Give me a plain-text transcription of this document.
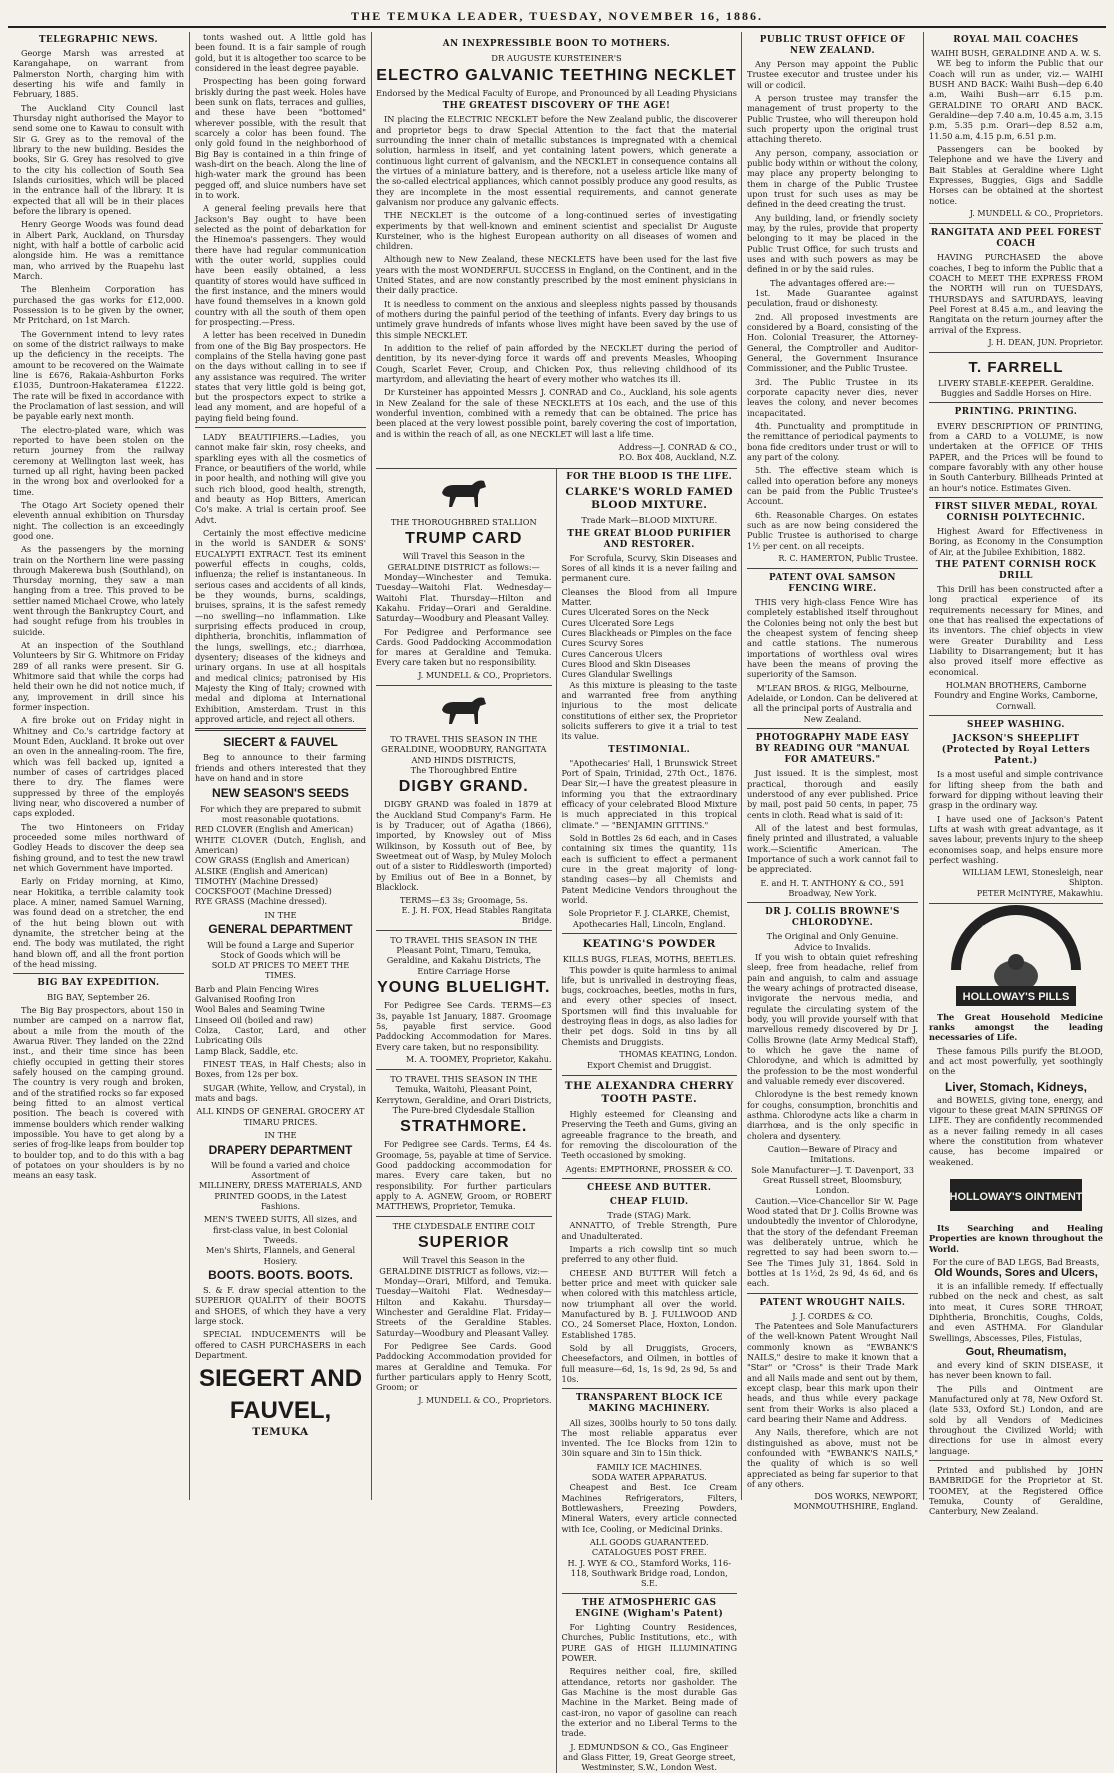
THE TEMUKA LEADER, TUESDAY, NOVEMBER 16, 1886.
TELEGRAPHIC NEWS.

George Marsh was arrested at Karangahape, on warrant from Palmerston North, charging him with deserting his wife and family in February, 1885.

The Auckland City Council last Thursday night authorised the Mayor to send some one to Kawau to consult with Sir G. Grey as to the removal of the library to the new building. Besides the books, Sir G. Grey has resolved to give to the city his collection of South Sea Islands curiosities, which will be placed in the entrance hall of the library. It is expected that all will be in their places before the library is opened.

Henry George Woods was found dead in Albert Park, Auckland, on Thursday night, with half a bottle of carbolic acid alongside him. He was a remittance man, who arrived by the Ruapehu last March.

The Blenheim Corporation has purchased the gas works for £12,000. Possession is to be given by the owner, Mr Pritchard, on 1st March.

The Government intend to levy rates on some of the district railways to make up the deficiency in the receipts. The amount to be recovered on the Waimate line is £676, Rakaia-Ashburton Forks £1035, Duntroon-Hakateramea £1222. The rate will be fixed in accordance with the Proclamation of last session, and will be payable early next month.

The electro-plated ware, which was reported to have been stolen on the return journey from the railway ceremony at Wellington last week, has turned up all right, having been packed in the wrong box and overlooked for a time.

The Otago Art Society opened their eleventh annual exhibition on Thursday night. The collection is an exceedingly good one.

As the passengers by the morning train on the Northern line were passing through Makerewa bush (Southland), on Thursday morning, they saw a man hanging from a tree. This proved to be settler named Michael Crowe, who lately went through the Bankruptcy Court, and had sought refuge from his troubles in suicide.

At an inspection of the Southland Volunteers by Sir G. Whitmore on Friday 289 of all ranks were present. Sir G. Whitmore said that while the corps had held their own he did not notice much, if any, improvement in drill since his former inspection.

A fire broke out on Friday night in Whitney and Co.'s cartridge factory at Mount Eden, Auckland. It broke out over an oven in the annealing-room. The fire, which was fell backed up, ignited a number of cases of cartridges placed there to dry. The flames were suppressed by three of the employés living near, who discovered a number of caps exploded.

The two Hintoneers on Friday proceeded some miles northward of Godley Heads to discover the deep sea fishing ground, and to test the new trawl net which Government have imported.

Early on Friday morning, at Kimo, near Hokitika, a terrible calamity took place. A miner, named Samuel Warning, was found dead on a stretcher, the end of the hut being blown out with dynamite, the stretcher being at the end. The body was mutilated, the right hand blown off, and all the front portion of the head missing.

BIG BAY EXPEDITION.
BIG BAY, September 26.

The Big Bay prospectors, about 150 in number are camped on a narrow flat, about a mile from the mouth of the Awarua River. They landed on the 22nd inst., and their time since has been chiefly occupied in getting their stores safely housed on the camping ground. The country is very rough and broken, and of the stratified rocks so far exposed being fitted to an almost vertical position. The beach is covered with immense boulders which render walking impossible. You have to get along by a series of frog-like leaps from boulder top to boulder top, and to do this with a bag of potatoes on your shoulders is by no means an easy task.

tonts washed out. A little gold has been found. It is a fair sample of rough gold, but it is altogether too scarce to be considered in the least degree payable.

Prospecting has been going forward briskly during the past week. Holes have been sunk on flats, terraces and gullies, and these have been "bottomed" wherever possible, with the result that scarcely a color has been found. The only gold found in the neighborhood of Big Bay is contained in a thin fringe of wash-dirt on the beach. Along the line of high-water mark the ground has been pegged off, and sluice numbers have set in to work.

A general feeling prevails here that Jackson's Bay ought to have been selected as the point of debarkation for the Hinemoa's passengers. They would there have had regular communication with the outer world, supplies could have been easily obtained, a less quantity of stores would have sufficed in the first instance, and the miners would have found themselves in a known gold country with all the south of them open for prospecting.—Press.

A letter has been received in Dunedin from one of the Big Bay prospectors. He complains of the Stella having gone past on the days without calling in to see if any assistance was required. The writer states that very little gold is being got, but the prospectors expect to strike a lead any moment, and are hopeful of a paying field being found.

LADY BEAUTIFIERS.—Ladies, you cannot make fair skin, rosy cheeks, and sparkling eyes with all the cosmetics of France, or beautifiers of the world, while in poor health, and nothing will give you such rich blood, good health, strength, and beauty as Hop Bitters, American Co's make. A trial is certain proof. See Advt.

Certainly the most effective medicine in the world is SANDER & SONS' EUCALYPTI EXTRACT. Test its eminent powerful effects in coughs, colds, influenza; the relief is instantaneous. In serious cases and accidents of all kinds, be they wounds, burns, scaldings, bruises, sprains, it is the safest remedy—no swelling—no inflammation. Like surprising effects produced in croup, diphtheria, bronchitis, inflammation of the lungs, swellings, etc.; diarrhœa, dysentery; diseases of the kidneys and urinary organs. In use at all hospitals and medical clinics; patronised by His Majesty the King of Italy; crowned with medal and diploma at International Exhibition, Amsterdam. Trust in this approved article, and reject all others.

SIECERT & FAUVEL

Beg to announce to their farming friends and others interested that they have on hand and in store

NEW SEASON'S SEEDS
For which they are prepared to submit most reasonable quotations.
RED CLOVER (English and American)
WHITE CLOVER (Dutch, English, and American)
COW GRASS (English and American)
ALSIKE (English and American)
TIMOTHY (Machine Dressed)
COCKSFOOT (Machine Dressed)
RYE GRASS (Machine dressed).
IN THE
GENERAL DEPARTMENT
Will be found a Large and Superior Stock of Goods which will be
SOLD AT PRICES TO MEET THE TIMES.
Barb and Plain Fencing Wires
Galvanised Roofing Iron
Wool Bales and Seaming Twine
Linseed Oil (boiled and raw)
Colza, Castor, Lard, and other Lubricating Oils
Lamp Black, Saddle, etc.

FINEST TEAS, in Half Chests; also in Boxes, from 12s per box.

SUGAR (White, Yellow, and Crystal), in mats and bags.

ALL KINDS OF GENERAL GROCERY AT TIMARU PRICES.
IN THE
DRAPERY DEPARTMENT
Will be found a varied and choice Assortment of
MILLINERY, DRESS MATERIALS, AND PRINTED GOODS, in the Latest Fashions.
MEN'S TWEED SUITS, All sizes, and first-class value, in best Colonial Tweeds.
Men's Shirts, Flannels, and General Hosiery.
BOOTS. BOOTS. BOOTS.

S. & F. draw special attention to the SUPERIOR QUALITY of their BOOTS and SHOES, of which they have a very large stock.

SPECIAL INDUCEMENTS will be offered to CASH PURCHASERS in each Department.

SIEGERT AND
FAUVEL,
TEMUKA
AN INEXPRESSIBLE BOON TO MOTHERS.
DR AUGUSTE KURSTEINER'S
ELECTRO GALVANIC TEETHING NECKLET
Endorsed by the Medical Faculty of Europe, and Pronounced by all Leading Physicians
THE GREATEST DISCOVERY OF THE AGE!

IN placing the ELECTRIC NECKLET before the New Zealand public, the discoverer and proprietor begs to draw Special Attention to the fact that the material surrounding the inner chain of metallic substances is impregnated with a chemical solution, harmless in itself, and yet containing latent powers, which generate a continuous light current of galvanism, and the NECKLET in consequence contains all the virtues of a miniature battery, and is therefore, not a useless article like many of the so-called electrical appliances, which cannot possibly produce any good results, as they are incomplete in the most essential requirements, and cannot generate galvanism nor produce any galvanic effects.

THE NECKLET is the outcome of a long-continued series of investigating experiments by that well-known and eminent scientist and specialist Dr Auguste Kursteiner, who is the highest European authority on all diseases of women and children.

Although new to New Zealand, these NECKLETS have been used for the last five years with the most WONDERFUL SUCCESS in England, on the Continent, and in the United States, and are now constantly prescribed by the most eminent physicians in their daily practice.

It is needless to comment on the anxious and sleepless nights passed by thousands of mothers during the painful period of the teething of infants. Every day brings to us untimely grave hundreds of infants whose lives might have been saved by the use of this simple NECKLET.

In addition to the relief of pain afforded by the NECKLET during the period of dentition, by its never-dying force it wards off and prevents Measles, Whooping Cough, Scarlet Fever, Croup, and Chicken Pox, thus relieving childhood of its martyrdom, and alleviating the heart of every mother who watches its ill.

Dr Kursteiner has appointed Messrs J. CONRAD and Co., Auckland, his sole agents in New Zealand for the sale of these NECKLETS at 10s each, and the use of this wonderful invention, combined with a remedy that can be obtained. The price has been placed at the very lowest possible point, barely covering the cost of importation, and is within the reach of all, as one NECKLET will last a life time.

Address—J. CONRAD & CO.,
P.O. Box 408, Auckland, N.Z.
THE THOROUGHBRED STALLION
TRUMP CARD
Will Travel this Season in the GERALDINE DISTRICT as follows:—

Monday—Winchester and Temuka. Tuesday—Waitohi Flat. Wednesday—Waitohi Flat. Thursday—Hilton and Kakahu. Friday—Orari and Geraldine. Saturday—Woodbury and Pleasant Valley.

For Pedigree and Performance see Cards. Good Paddocking Accommodation for mares at Geraldine and Temuka. Every care taken but no responsibility.

J. MUNDELL & CO., Proprietors.
TO TRAVEL THIS SEASON IN THE GERALDINE, WOODBURY, RANGITATA AND HINDS DISTRICTS,
The Thoroughbred Entire
DIGBY GRAND.

DIGBY GRAND was foaled in 1879 at the Auckland Stud Company's Farm. He is by Traducer, out of Agatha (1866), imported, by Knowsley out of Miss Wilkinson, by Kossuth out of Bee, by Sweetmeat out of Wasp, by Muley Moloch out of a sister to Riddlesworth (imported) by Emilius out of Bee in a Bonnet, by Blacklock.

TERMS—£3 3s; Groomage, 5s.
E. J. H. FOX, Head Stables Rangitata Bridge.
TO TRAVEL THIS SEASON IN THE
Pleasant Point, Timaru, Temuka, Geraldine, and Kakahu Districts, The Entire Carriage Horse
YOUNG BLUELIGHT.

For Pedigree See Cards. TERMS—£3 3s, payable 1st January, 1887. Groomage 5s, payable first service. Good Paddocking Accommodation for Mares. Every care taken, but no responsibility.

M. A. TOOMEY, Proprietor, Kakahu.
TO TRAVEL THIS SEASON IN THE
Temuka, Waitohi, Pleasant Point, Kerrytown, Geraldine, and Orari Districts, The Pure-bred Clydesdale Stallion
STRATHMORE.

For Pedigree see Cards. Terms, £4 4s. Groomage, 5s, payable at time of Service. Good paddocking accommodation for mares. Every care taken, but no responsibility. For further particulars apply to A. AGNEW, Groom, or ROBERT MATTHEWS, Proprietor, Temuka.

THE CLYDESDALE ENTIRE COLT
SUPERIOR
Will Travel this Season in the GERALDINE DISTRICT as follows, viz:—

Monday—Orari, Milford, and Temuka. Tuesday—Waitohi Flat. Wednesday—Hilton and Kakahu. Thursday—Winchester and Geraldine Flat. Friday—Streets of the Geraldine Stables. Saturday—Woodbury and Pleasant Valley.

For Pedigree See Cards. Good Paddocking Accommodation provided for mares at Geraldine and Temuka. For further particulars apply to Henry Scott, Groom; or

J. MUNDELL & CO., Proprietors.
FOR THE BLOOD IS THE LIFE.
CLARKE'S WORLD FAMED BLOOD MIXTURE.
Trade Mark—BLOOD MIXTURE.
THE GREAT BLOOD PURIFIER AND RESTORER.

For Scrofula, Scurvy, Skin Diseases and Sores of all kinds it is a never failing and permanent cure.

Cleanses the Blood from all Impure Matter.
Cures Ulcerated Sores on the Neck
Cures Ulcerated Sore Legs
Cures Blackheads or Pimples on the face
Cures Scurvy Sores
Cures Cancerous Ulcers
Cures Blood and Skin Diseases
Cures Glandular Swellings

As this mixture is pleasing to the taste and warranted free from anything injurious to the most delicate constitutions of either sex, the Proprietor solicits sufferers to give it a trial to test its value.

TESTIMONIAL.

"Apothecaries' Hall, 1 Brunswick Street Port of Spain, Trinidad, 27th Oct., 1876. Dear Sir,—I have the greatest pleasure in informing you that the extraordinary efficacy of your celebrated Blood Mixture is much appreciated in this tropical climate." — "BENJAMIN GITTINS."

Sold in Bottles 2s 6d each, and in Cases containing six times the quantity, 11s each is sufficient to effect a permanent cure in the great majority of long-standing cases—by all Chemists and Patent Medicine Vendors throughout the world.

Sole Proprietor F. J. CLARKE, Chemist, Apothecaries Hall, Lincoln, England.
KEATING'S POWDER
KILLS BUGS, FLEAS, MOTHS, BEETLES.

This powder is quite harmless to animal life, but is unrivalled in destroying fleas, bugs, cockroaches, beetles, moths in furs, and every other species of insect. Sportsmen will find this invaluable for destroying fleas in dogs, as also ladies for their pet dogs. Sold in tins by all Chemists and Druggists.

THOMAS KEATING, London.
Export Chemist and Druggist.
THE ALEXANDRA CHERRY TOOTH PASTE.

Highly esteemed for Cleansing and Preserving the Teeth and Gums, giving an agreeable fragrance to the breath, and for removing the discolouration of the Teeth occasioned by smoking.

Agents: EMPTHORNE, PROSSER & CO.
CHEESE AND BUTTER.
CHEAP FLUID.
Trade (STAG) Mark.

ANNATTO, of Treble Strength, Pure and Unadulterated.

Imparts a rich cowslip tint so much preferred to any other fluid.

CHEESE AND BUTTER Will fetch a better price and meet with quicker sale when colored with this matchless article, now triumphant all over the world. Manufactured by B. J. FULLWOOD AND CO., 24 Somerset Place, Hoxton, London. Established 1785.

Sold by all Druggists, Grocers, Cheesefactors, and Oilmen, in bottles of full measure—6d, 1s, 1s 9d, 2s 9d, 5s and 10s.

TRANSPARENT BLOCK ICE MAKING MACHINERY.

All sizes, 300lbs hourly to 50 tons daily. The most reliable apparatus ever invented. The Ice Blocks from 12in to 30in square and 3in to 15in thick.

FAMILY ICE MACHINES.
SODA WATER APPARATUS.

Cheapest and Best. Ice Cream Machines Refrigerators, Filters, Bottlewashers, Freezing Powders, Mineral Waters, every article connected with Ice, Cooling, or Medicinal Drinks.

ALL GOODS GUARANTEED.
CATALOGUES POST FREE.
H. J. WYE & CO., Stamford Works, 116-118, Southwark Bridge road, London, S.E.
THE ATMOSPHERIC GAS ENGINE (Wigham's Patent)

For Lighting Country Residences, Churches, Public Institutions, etc., with PURE GAS of HIGH ILLUMINATING POWER.

Requires neither coal, fire, skilled attendance, retorts nor gasholder. The Gas Machine is the most durable Gas Machine in the Market. Being made of cast-iron, no vapor of gasoline can reach the exterior and no Liberal Terms to the trade.

J. EDMUNDSON & CO., Gas Engineer and Glass Fitter, 19, Great George street, Westminster, S.W., London West.
PUBLIC TRUST OFFICE OF NEW ZEALAND.

Any Person may appoint the Public Trustee executor and trustee under his will or codicil.

A person trustee may transfer the management of trust property to the Public Trustee, who will thereupon hold such property upon the original trust attaching thereto.

Any person, company, association or public body within or without the colony, may place any property belonging to them in charge of the Public Trustee upon trust for such uses as may be defined in the deed creating the trust.

Any building, land, or friendly society may, by the rules, provide that property belonging to it may be placed in the Public Trust Office, for such trusts and uses and with such powers as may be defined in or by the said rules.

The advantages offered are:—

1st. Made Guarantee against peculation, fraud or dishonesty.

2nd. All proposed investments are considered by a Board, consisting of the Hon. Colonial Treasurer, the Attorney-General, the Comptroller and Auditor-General, the Government Insurance Commissioner, and the Public Trustee.

3rd. The Public Trustee in its corporate capacity never dies, never leaves the colony, and never becomes incapacitated.

4th. Punctuality and promptitude in the remittance of periodical payments to bona fide creditors under trust or will to any part of the colony.

5th. The effective steam which is called into operation before any moneys can be paid from the Public Trustee's Account.

6th. Reasonable Charges. On estates such as are now being considered the Public Trustee is authorised to charge 1½ per cent. on all receipts.

R. C. HAMERTON, Public Trustee.
PATENT OVAL SAMSON FENCING WIRE.

THIS very high-class Fence Wire has completely established itself throughout the Colonies being not only the best but the cheapest system of fencing sheep and cattle stations. The numerous importations of worthless oval wires have been the means of proving the superiority of the Samson.

M'LEAN BROS. & RIGG, Melbourne, Adelaide, or London. Can be delivered at all the principal ports of Australia and New Zealand.
PHOTOGRAPHY MADE EASY BY READING OUR "MANUAL FOR AMATEURS."

Just issued. It is the simplest, most practical, thorough and easily understood of any ever published. Price by mail, post paid 50 cents, in paper, 75 cents in cloth. Read what is said of it:

All of the latest and best formulas, finely printed and illustrated, a valuable work.—Scientific American. The Importance of such a work cannot fail to be appreciated.

E. and H. T. ANTHONY & CO., 591 Broadway, New York.
DR J. COLLIS BROWNE'S CHLORODYNE.
The Original and Only Genuine.
Advice to Invalids.

If you wish to obtain quiet refreshing sleep, free from headache, relief from pain and anguish, to calm and assuage the weary achings of protracted disease, invigorate the nervous media, and regulate the circulating system of the body, you will provide yourself with that marvellous remedy discovered by Dr J. Collis Browne (late Army Medical Staff), to which he gave the name of Chlorodyne, and which is admitted by the profession to be the most wonderful and valuable remedy ever discovered.

Chlorodyne is the best remedy known for coughs, consumption, bronchitis and asthma. Chlorodyne acts like a charm in diarrhœa, and is the only specific in cholera and dysentery.

Caution—Beware of Piracy and Imitations.
Sole Manufacturer—J. T. Davenport, 33 Great Russell street, Bloomsbury, London.

Caution.—Vice-Chancellor Sir W. Page Wood stated that Dr J. Collis Browne was undoubtedly the inventor of Chlorodyne, that the story of the defendant Freeman was deliberately untrue, which he regretted to say had been sworn to.—See The Times July 31, 1864. Sold in bottles at 1s 1½d, 2s 9d, 4s 6d, and 6s each.

PATENT WROUGHT NAILS.
J. J. CORDES & CO.

The Patentees and Sole Manufacturers of the well-known Patent Wrought Nail commonly known as "EWBANK'S NAILS," desire to make it known that a "Star" or "Cross" is their Trade Mark and all Nails made and sent out by them, except clasp, bear this mark upon their heads, and thus while every package sent from their Works is also placed a card bearing their Name and Address.

Any Nails, therefore, which are not distinguished as above, must not be confounded with "EWBANK'S NAILS," the quality of which is so well appreciated as being far superior to that of any others.

DOS WORKS, NEWPORT, MONMOUTHSHIRE, England.
ROYAL MAIL COACHES
WAIHI BUSH, GERALDINE AND A. W. S.

WE beg to inform the Public that our Coach will run as under, viz.— WAIHI BUSH AND BACK: Waihi Bush—dep 6.40 a.m, Waihi Bush—arr 6.15 p.m. GERALDINE TO ORARI AND BACK. Geraldine—dep 7.40 a.m, 10.45 a.m, 3.15 p.m, 5.35 p.m. Orari—dep 8.52 a.m, 11.50 a.m, 4.15 p.m, 6.51 p.m.

Passengers can be booked by Telephone and we have the Livery and Bait Stables at Geraldine where Light Expresses, Buggies, Gigs and Saddle Horses can be obtained at the shortest notice.

J. MUNDELL & CO., Proprietors.
RANGITATA AND PEEL FOREST COACH

HAVING PURCHASED the above coaches, I beg to inform the Public that a COACH to MEET THE EXPRESS FROM the NORTH will run on TUESDAYS, THURSDAYS and SATURDAYS, leaving Peel Forest at 8.45 a.m., and leaving the Rangitata on the return journey after the arrival of the Express.

J. H. DEAN, JUN. Proprietor.
T. FARRELL
LIVERY STABLE-KEEPER. Geraldine.
Buggies and Saddle Horses on Hire.
PRINTING. PRINTING.

EVERY DESCRIPTION OF PRINTING, from a CARD to a VOLUME, is now undertaken at the OFFICE OF THIS PAPER, and the Prices will be found to compare favorably with any other house in South Canterbury. Billheads Printed at an hour's notice. Estimates Given.

FIRST SILVER MEDAL, ROYAL CORNISH POLYTECHNIC.

Highest Award for Effectiveness in Boring, as Economy in the Consumption of Air, at the Jubilee Exhibition, 1882.

THE PATENT CORNISH ROCK DRILL

This Drill has been constructed after a long practical experience of its requirements necessary for Mines, and one that has realised the expectations of its inventors. The chief objects in view were Greater Durability and Less Liability to Disarrangement; but it has also proved itself more effective as economical.

HOLMAN BROTHERS, Camborne Foundry and Engine Works, Camborne, Cornwall.
SHEEP WASHING.
JACKSON'S SHEEPLIFT (Protected by Royal Letters Patent.)

Is a most useful and simple contrivance for lifting sheep from the bath and forward for dipping without leaving their grasp in the ordinary way.

I have used one of Jackson's Patent Lifts at wash with great advantage, as it saves labour, prevents injury to the sheep economises soap, and helps ensure more perfect washing.

WILLIAM LEWI, Stonesleigh, near Shipton.
PETER McINTYRE, Makawhiu.
FRIEND OF ALL
HOLLOWAY'S PILLS

The Great Household Medicine ranks amongst the leading necessaries of Life.

These famous Pills purify the BLOOD, and act most powerfully, yet soothingly on the

Liver, Stomach, Kidneys,

and BOWELS, giving tone, energy, and vigour to these great MAIN SPRINGS OF LIFE. They are confidently recommended as a never failing remedy in all cases where the constitution from whatever cause, has become impaired or weakened.

HOLLOWAY'S OINTMENT

Its Searching and Healing Properties are known throughout the World.

For the cure of BAD LEGS, Bad Breasts,
Old Wounds, Sores and Ulcers,

it is an infallible remedy. If effectually rubbed on the neck and chest, as salt into meat, it Cures SORE THROAT, Diphtheria, Bronchitis, Coughs, Colds, and even ASTHMA. For Glandular Swellings, Abscesses, Piles, Fistulas,

Gout, Rheumatism,

and every kind of SKIN DISEASE, it has never been known to fail.

The Pills and Ointment are Manufactured only at 78, New Oxford St. (late 533, Oxford St.) London, and are sold by all Vendors of Medicines throughout the Civilized World; with directions for use in almost every language.

Printed and published by JOHN BAMBRIDGE for the Proprietor at St. TOOMEY, at the Registered Office Temuka, County of Geraldine, Canterbury, New Zealand.
